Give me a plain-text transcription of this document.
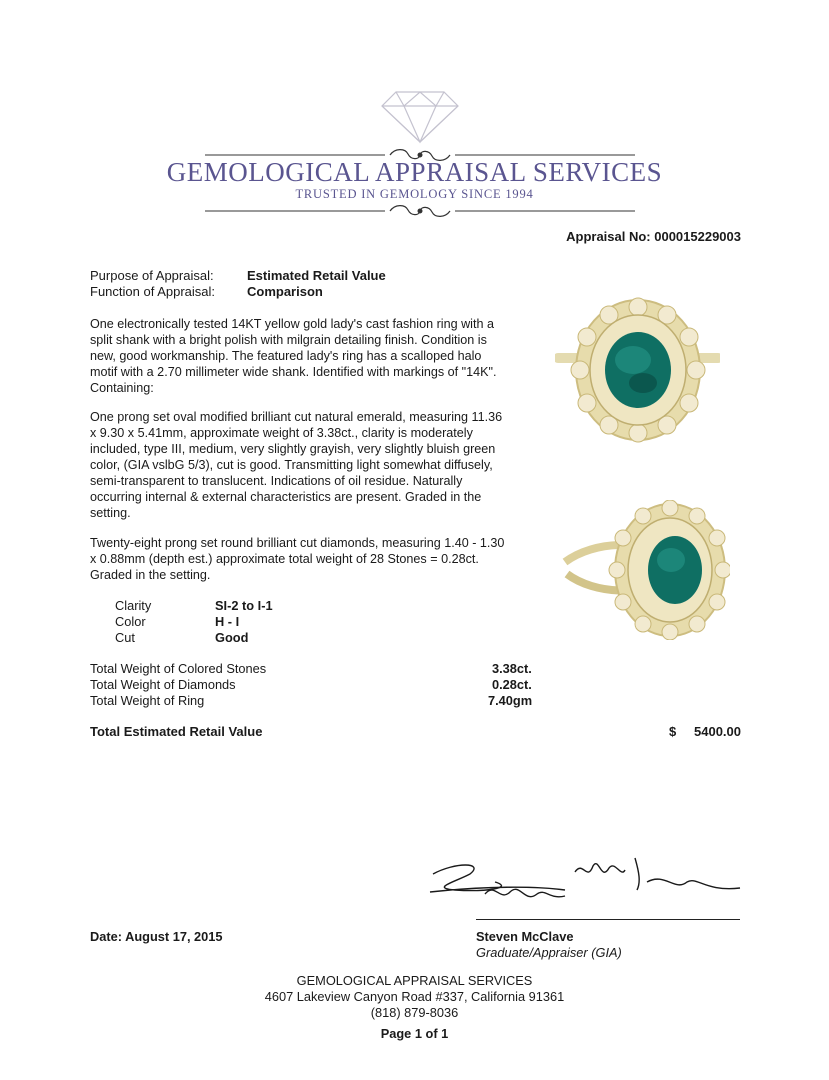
GEMOLOGICAL APPRAISAL SERVICES
TRUSTED IN GEMOLOGY SINCE 1994
Appraisal No: 000015229003
Purpose of Appraisal:	Estimated Retail Value
Function of Appraisal: Comparison
One electronically tested 14KT yellow gold lady's cast fashion ring with a split shank with a bright polish with milgrain detailing finish. Condition is new, good workmanship. The featured lady's ring has a scalloped halo motif with a 2.70 millimeter wide shank. Identified with markings of "14K". Containing:
One prong set oval modified brilliant cut natural emerald, measuring 11.36 x 9.30 x 5.41mm, approximate weight of 3.38ct., clarity is moderately included, type III, medium, very slightly grayish, very slightly bluish green color, (GIA vslbG 5/3), cut is good. Transmitting light somewhat diffusely, semi-transparent to translucent. Indications of oil residue. Naturally occurring internal & external characteristics are present. Graded in the setting.
Twenty-eight prong set round brilliant cut diamonds, measuring 1.40 - 1.30 x 0.88mm (depth est.) approximate total weight of 28 Stones = 0.28ct. Graded in the setting.
Clarity	SI-2 to I-1
Color	H - I
Cut	Good
Total Weight of Colored Stones	3.38ct.
Total Weight of Diamonds	0.28ct.
Total Weight of Ring	7.40gm
Total Estimated Retail Value	$ 5400.00
Date: August 17, 2015	Steven McClave
Graduate/Appraiser (GIA)
GEMOLOGICAL APPRAISAL SERVICES
4607 Lakeview Canyon Road #337, California 91361
(818) 879-8036
Page 1 of 1
